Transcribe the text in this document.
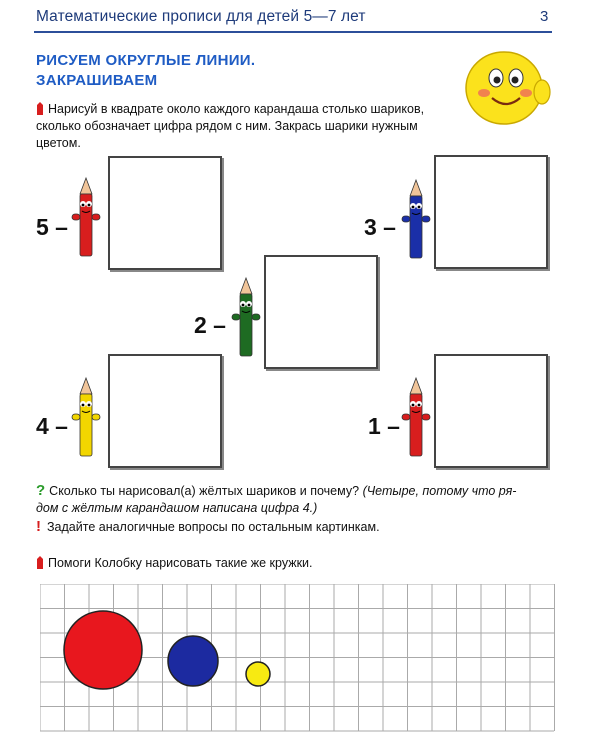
Математические прописи для детей 5—7 лет	3
РИСУЕМ ОКРУГЛЫЕ ЛИНИИ.
ЗАКРАШИВАЕМ
Нарисуй в квадрате около каждого карандаша столько шариков,
сколько обозначает цифра рядом с ним. Закрась шарики нужным
цветом.
5 –	3 –
2 –
4 –	1 –
? Сколько ты нарисовал(а) жёлтых шариков и почему? (Четыре, потому что ря-
дом с жёлтым карандашом написана цифра 4.)
! Задайте аналогичные вопросы по остальным картинкам.
Помоги Колобку нарисовать такие же кружки.
